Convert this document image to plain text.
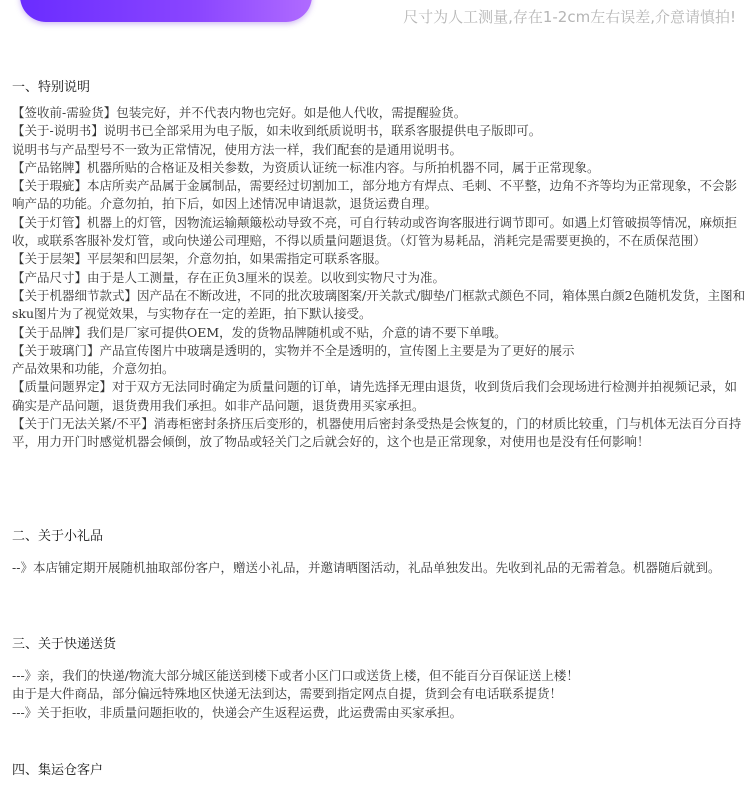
尺寸为人工测量,存在1-2cm左右误差,介意请慎拍!
一、特别说明

【签收前-需验货】包装完好，并不代表内物也完好。如是他人代收，需提醒验货。

【关于-说明书】说明书已全部采用为电子版，如未收到纸质说明书，联系客服提供电子版即可。

说明书与产品型号不一致为正常情况，使用方法一样，我们配套的是通用说明书。

【产品铭牌】机器所贴的合格证及相关参数，为资质认证统一标准内容。与所拍机器不同，属于正常现象。

【关于瑕疵】本店所卖产品属于金属制品，需要经过切割加工，部分地方有焊点、毛刺、不平整，边角不齐等均为正常现象，不会影响产品的功能。介意勿拍，拍下后，如因上述情况申请退款，退货运费自理。

【关于灯管】机器上的灯管，因物流运输颠簸松动导致不亮，可自行转动或咨询客服进行调节即可。如遇上灯管破损等情况，麻烦拒收，或联系客服补发灯管，或向快递公司理赔，不得以质量问题退货。（灯管为易耗品，消耗完是需要更换的，不在质保范围）

【关于层架】平层架和凹层架，介意勿拍，如果需指定可联系客服。

【产品尺寸】由于是人工测量，存在正负3厘米的误差。以收到实物尺寸为准。

【关于机器细节款式】因产品在不断改进，不同的批次玻璃图案/开关款式/脚垫/门框款式颜色不同，箱体黑白颜2色随机发货，主图和sku图片为了视觉效果，与实物存在一定的差距，拍下默认接受。

【关于品牌】我们是厂家可提供OEM，发的货物品牌随机或不贴，介意的请不要下单哦。

【关于玻璃门】产品宣传图片中玻璃是透明的，实物并不全是透明的，宣传图上主要是为了更好的展示

产品效果和功能，介意勿拍。

【质量问题界定】对于双方无法同时确定为质量问题的订单，请先选择无理由退货，收到货后我们会现场进行检测并拍视频记录，如确实是产品问题，退货费用我们承担。如非产品问题，退货费用买家承担。

【关于门无法关紧/不平】消毒柜密封条挤压后变形的，机器使用后密封条受热是会恢复的，门的材质比较重，门与机体无法百分百持平，用力开门时感觉机器会倾倒，放了物品或轻关门之后就会好的，这个也是正常现象，对使用也是没有任何影响！

二、关于小礼品

--》本店铺定期开展随机抽取部份客户，赠送小礼品，并邀请晒图活动，礼品单独发出。先收到礼品的无需着急。机器随后就到。

三、关于快递送货

---》亲，我们的快递/物流大部分城区能送到楼下或者小区门口或送货上楼，但不能百分百保证送上楼！

由于是大件商品，部分偏远特殊地区快递无法到达，需要到指定网点自提，货到会有电话联系提货！

---》关于拒收，非质量问题拒收的，快递会产生返程运费，此运费需由买家承担。

四、集运仓客户
